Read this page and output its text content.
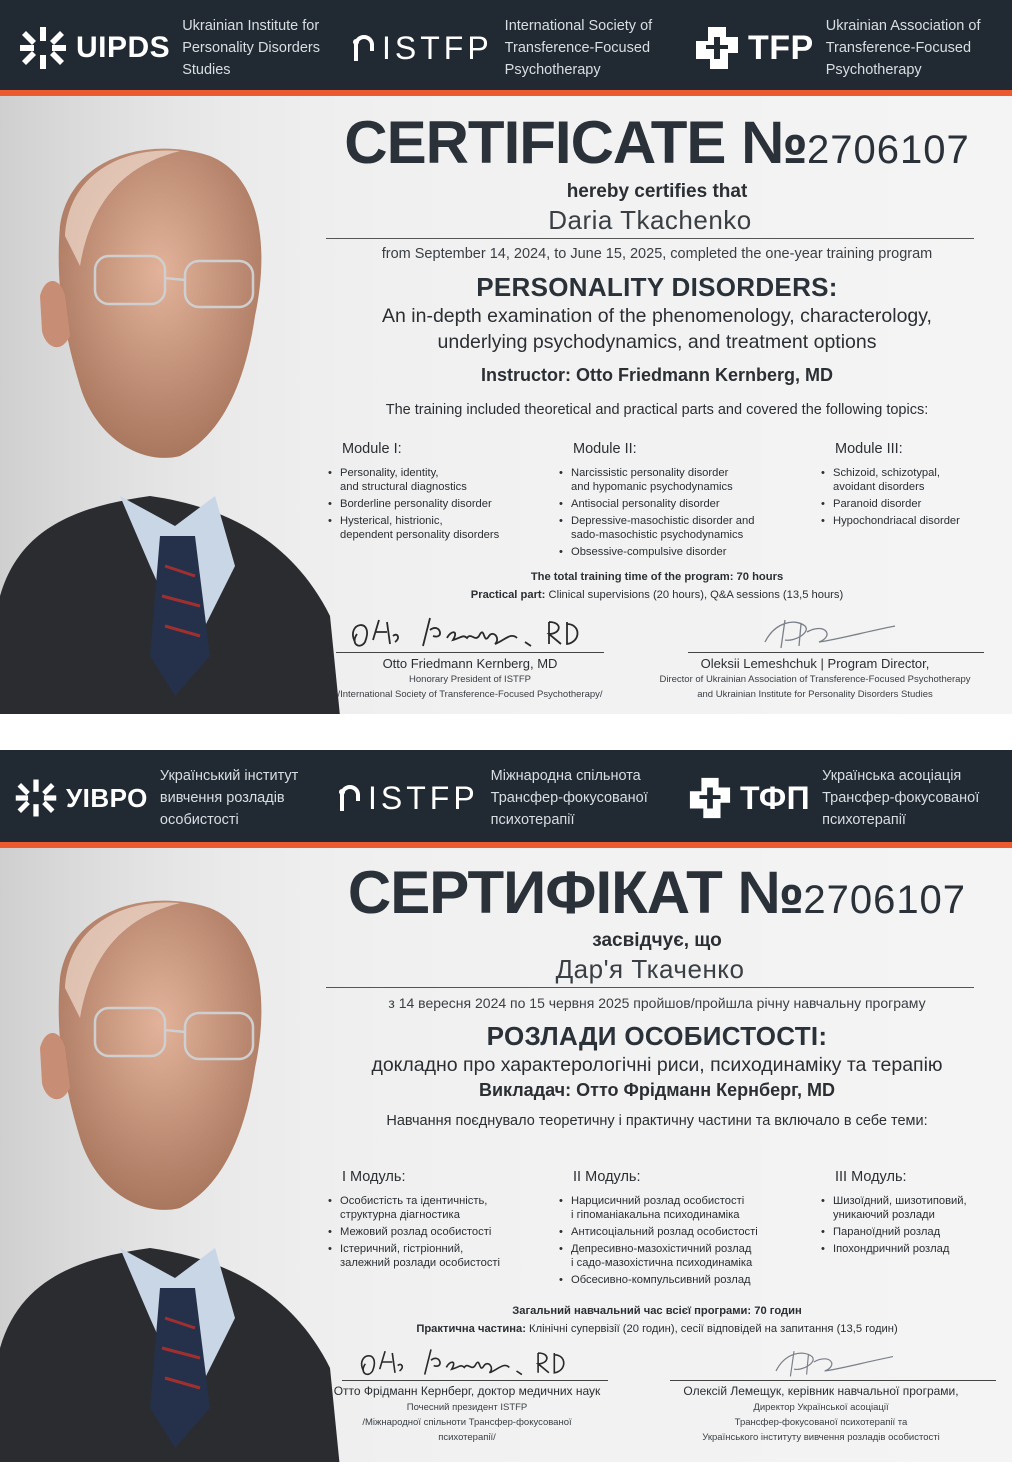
UIPDS
Ukrainian Institute for
Personality Disorders
Studies
ISTFP
International Society of
Transference-Focused
Psychotherapy
TFP
Ukrainian Association of
Transference-Focused
Psychotherapy
CERTIFICATE №2706107
hereby certifies that
Daria Tkachenko
from September 14, 2024, to June 15, 2025, completed the one-year training program
PERSONALITY DISORDERS:
An in-depth examination of the phenomenology, characterology,
underlying psychodynamics, and treatment options
Instructor: Otto Friedmann Kernberg, MD
The training included theoretical and practical parts and covered the following topics:
Module I:
• Personality, identity,
and structural diagnostics
• Borderline personality disorder
• Hysterical, histrionic,
dependent personality disorders
Module II:
• Narcissistic personality disorder
and hypomanic psychodynamics
• Antisocial personality disorder
• Depressive-masochistic disorder and
sado-masochistic psychodynamics
• Obsessive-compulsive disorder
Module III:
• Schizoid, schizotypal,
avoidant disorders
• Paranoid disorder
• Hypochondriacal disorder
The total training time of the program: 70 hours
Practical part: Clinical supervisions (20 hours), Q&A sessions (13,5 hours)
Otto Friedmann Kernberg, MD
Honorary President of ISTFP
/International Society of Transference-Focused Psychotherapy/
Oleksii Lemeshchuk | Program Director,
Director of Ukrainian Association of Transference-Focused Psychotherapy
and Ukrainian Institute for Personality Disorders Studies
УІВРО
Український інститут
вивчення розладів
особистості
ISTFP
Міжнародна спільнота
Трансфер-фокусованої
психотерапії
ТФП
Українська асоціація
Трансфер-фокусованої
психотерапії
СЕРТИФІКАТ №2706107
засвідчує, що
Дар'я Ткаченко
з 14 вересня 2024 по 15 червня 2025 пройшов/пройшла річну навчальну програму
РОЗЛАДИ ОСОБИСТОСТІ:
докладно про характерологічні риси, психодинаміку та терапію
Викладач: Отто Фрідманн Кернберг, MD
Навчання поєднувало теоретичну і практичну частини та включало в себе теми:
I Модуль:
• Особистість та ідентичність,
структурна діагностика
• Межовий розлад особистості
• Істеричний, гістріонний,
залежний розлади особистості
II Модуль:
• Нарцисичний розлад особистості
і гіпоманіакальна психодинаміка
• Антисоціальний розлад особистості
• Депресивно-мазохістичний розлад
і садо-мазохістична психодинаміка
• Обсесивно-компульсивний розлад
III Модуль:
• Шизоїдний, шизотиповий,
уникаючий розлади
• Параноїдний розлад
• Іпохондричний розлад
Загальний навчальний час всієї програми: 70 годин
Практична частина: Клінічні супервізії (20 годин), сесії відповідей на запитання (13,5 годин)
Отто Фрідманн Кернберг, доктор медичних наук
Почесний президент ISTFP
/Міжнародної спільноти Трансфер-фокусованої
психотерапії/
Олексій Лемещук, керівник навчальної програми,
Директор Української асоціації
Трансфер-фокусованої психотерапії та
Українського інституту вивчення розладів особистості
